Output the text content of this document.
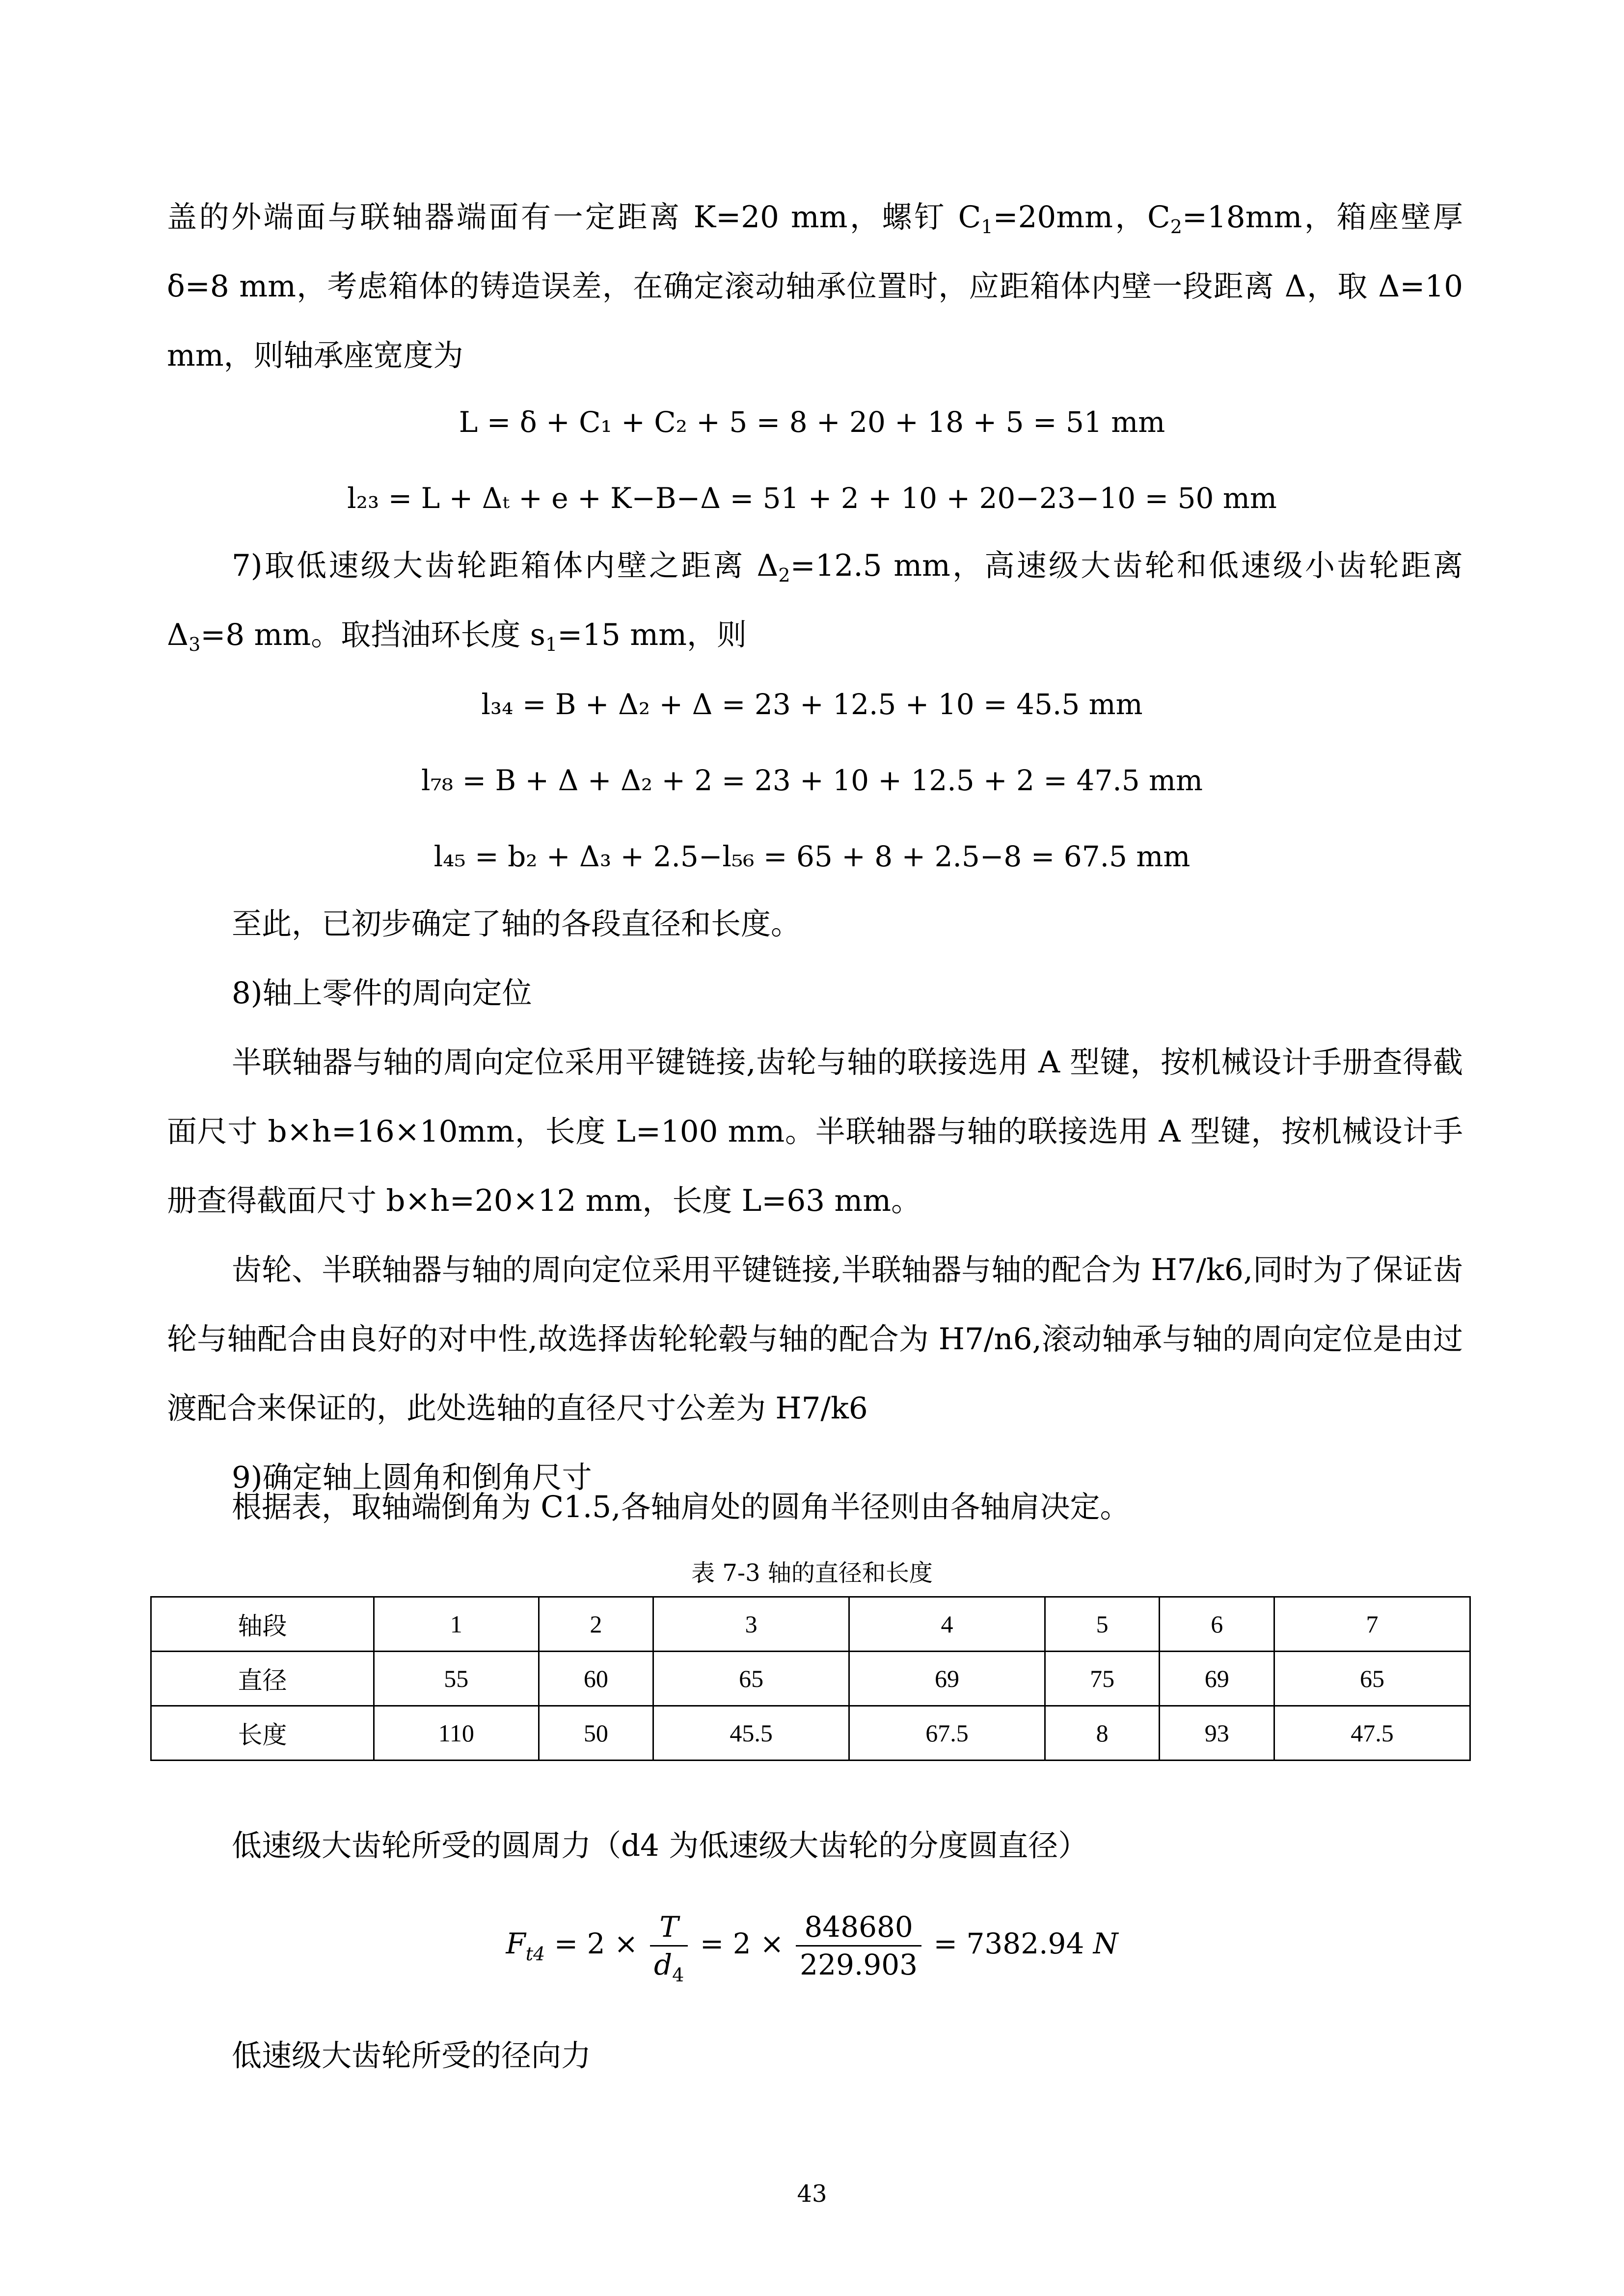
盖的外端面与联轴器端面有一定距离 K=20 mm，螺钉 $C_1=20mm$，$C_2=18mm$，箱座壁厚 δ=8 mm，考虑箱体的铸造误差，在确定滚动轴承位置时，应距箱体内壁一段距离 Δ，取 Δ=10 mm，则轴承座宽度为

L = δ + C₁ + C₂ + 5 = 8 + 20 + 18 + 5 = 51 mm
l₂₃ = L + Δₜ + e + K−B−Δ = 51 + 2 + 10 + 20−23−10 = 50 mm

7)取低速级大齿轮距箱体内壁之距离 $\Delta_2=12.5$ mm，高速级大齿轮和低速级小齿轮距离 $\Delta_3=8$ mm。取挡油环长度 $s_1=15$ mm，则

l₃₄ = B + Δ₂ + Δ = 23 + 12.5 + 10 = 45.5 mm
l₇₈ = B + Δ + Δ₂ + 2 = 23 + 10 + 12.5 + 2 = 47.5 mm
l₄₅ = b₂ + Δ₃ + 2.5−l₅₆ = 65 + 8 + 2.5−8 = 67.5 mm

至此，已初步确定了轴的各段直径和长度。

8)轴上零件的周向定位

半联轴器与轴的周向定位采用平键链接,齿轮与轴的联接选用 A 型键，按机械设计手册查得截面尺寸 b×h=16×10mm，长度 L=100 mm。半联轴器与轴的联接选用 A 型键，按机械设计手册查得截面尺寸 b×h=20×12 mm，长度 L=63 mm。

齿轮、半联轴器与轴的周向定位采用平键链接,半联轴器与轴的配合为 H7/k6,同时为了保证齿轮与轴配合由良好的对中性,故选择齿轮轮毂与轴的配合为 H7/n6,滚动轴承与轴的周向定位是由过渡配合来保证的，此处选轴的直径尺寸公差为 H7/k6

9)确定轴上圆角和倒角尺寸

根据表，取轴端倒角为 C1.5,各轴肩处的圆角半径则由各轴肩决定。

表 7-3 轴的直径和长度
轴段	1	2	3	4	5	6	7
直径	55	60	65	69	75	69	65
长度	110	50	45.5	67.5	8	93	47.5

低速级大齿轮所受的圆周力（d4 为低速级大齿轮的分度圆直径）

$F_{t4} = 2 \times \frac{T}{d_4} = 2 \times \frac{848680}{229.903} = 7382.94$ N

低速级大齿轮所受的径向力

43
